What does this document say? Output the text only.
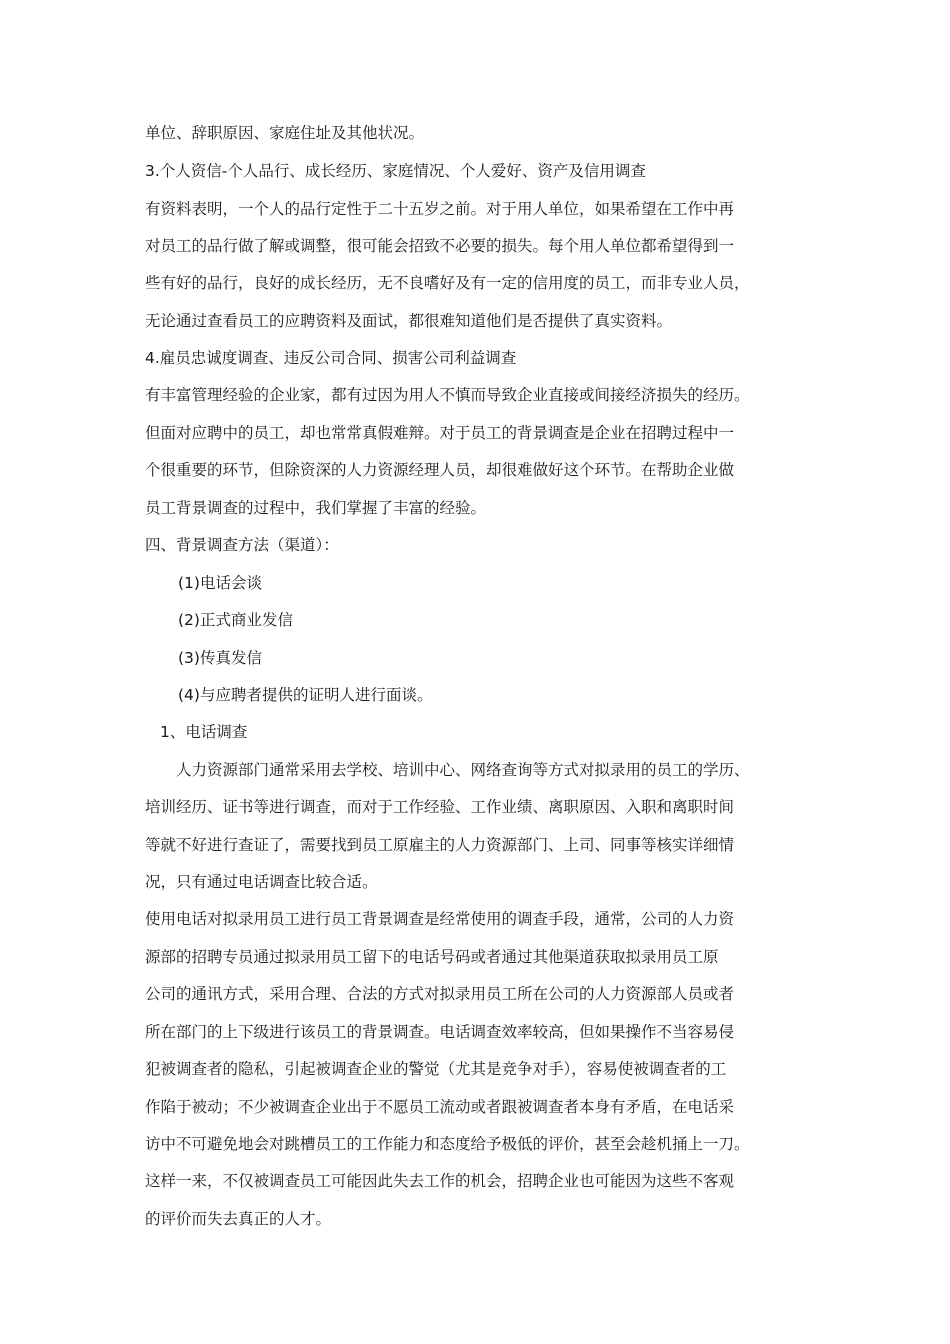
单位、辞职原因、家庭住址及其他状况。

3.个人资信-个人品行、成长经历、家庭情况、个人爱好、资产及信用调查

有资料表明，一个人的品行定性于二十五岁之前。对于用人单位，如果希望在工作中再

对员工的品行做了解或调整，很可能会招致不必要的损失。每个用人单位都希望得到一

些有好的品行，良好的成长经历，无不良嗜好及有一定的信用度的员工，而非专业人员，

无论通过查看员工的应聘资料及面试，都很难知道他们是否提供了真实资料。

4.雇员忠诚度调查、违反公司合同、损害公司利益调查

有丰富管理经验的企业家，都有过因为用人不慎而导致企业直接或间接经济损失的经历。

但面对应聘中的员工，却也常常真假难辩。对于员工的背景调查是企业在招聘过程中一

个很重要的环节，但除资深的人力资源经理人员，却很难做好这个环节。在帮助企业做

员工背景调查的过程中，我们掌握了丰富的经验。

四、背景调查方法（渠道）：

(1)电话会谈

(2)正式商业发信

(3)传真发信

(4)与应聘者提供的证明人进行面谈。

1、电话调查

人力资源部门通常采用去学校、培训中心、网络查询等方式对拟录用的员工的学历、

培训经历、证书等进行调查，而对于工作经验、工作业绩、离职原因、入职和离职时间

等就不好进行查证了，需要找到员工原雇主的人力资源部门、上司、同事等核实详细情

况，只有通过电话调查比较合适。

使用电话对拟录用员工进行员工背景调查是经常使用的调查手段，通常，公司的人力资

源部的招聘专员通过拟录用员工留下的电话号码或者通过其他渠道获取拟录用员工原

公司的通讯方式，采用合理、合法的方式对拟录用员工所在公司的人力资源部人员或者

所在部门的上下级进行该员工的背景调查。电话调查效率较高，但如果操作不当容易侵

犯被调查者的隐私，引起被调查企业的警觉（尤其是竞争对手），容易使被调查者的工

作陷于被动；不少被调查企业出于不愿员工流动或者跟被调查者本身有矛盾，在电话采

访中不可避免地会对跳槽员工的工作能力和态度给予极低的评价，甚至会趁机捅上一刀。

这样一来，不仅被调查员工可能因此失去工作的机会，招聘企业也可能因为这些不客观

的评价而失去真正的人才。
